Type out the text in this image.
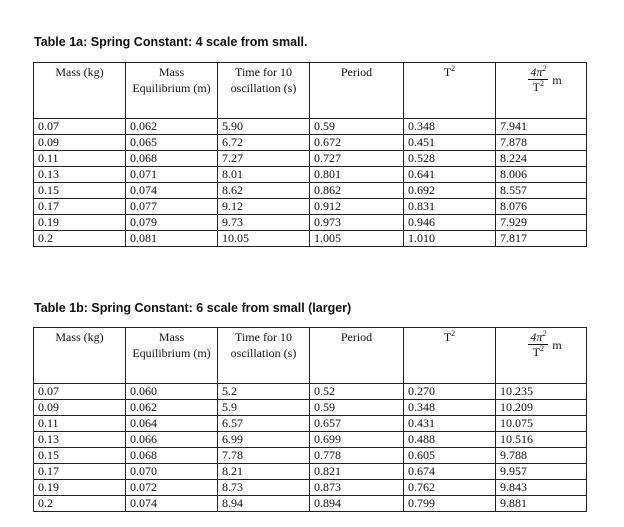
Table 1a: Spring Constant: 4 scale from small.
Mass (kg)	Mass Equilibrium (m)	Time for 10 oscillation (s)	Period	$T^2$	$\frac{4\pi^2}{T^2}$ m

0.07	0.062	5.90	0.59	0.348	7.941
0.09	0.065	6.72	0.672	0.451	7.878
0.11	0.068	7.27	0.727	0.528	8.224
0.13	0.071	8.01	0.801	0.641	8.006
0.15	0.074	8.62	0.862	0.692	8.557
0.17	0.077	9.12	0.912	0.831	8.076
0.19	0.079	9.73	0.973	0.946	7.929
0.2	0.081	10.05	1.005	1.010	7.817
Table 1b: Spring Constant: 6 scale from small (larger)
Mass (kg)	Mass Equilibrium (m)	Time for 10 oscillation (s)	Period	$T^2$	$\frac{4\pi^2}{T^2}$ m

0.07	0.060	5.2	0.52	0.270	10.235
0.09	0.062	5.9	0.59	0.348	10.209
0.11	0.064	6.57	0.657	0.431	10.075
0.13	0.066	6.99	0.699	0.488	10.516
0.15	0.068	7.78	0.778	0.605	9.788
0.17	0.070	8.21	0.821	0.674	9.957
0.19	0.072	8.73	0.873	0.762	9.843
0.2	0.074	8.94	0.894	0.799	9.881
